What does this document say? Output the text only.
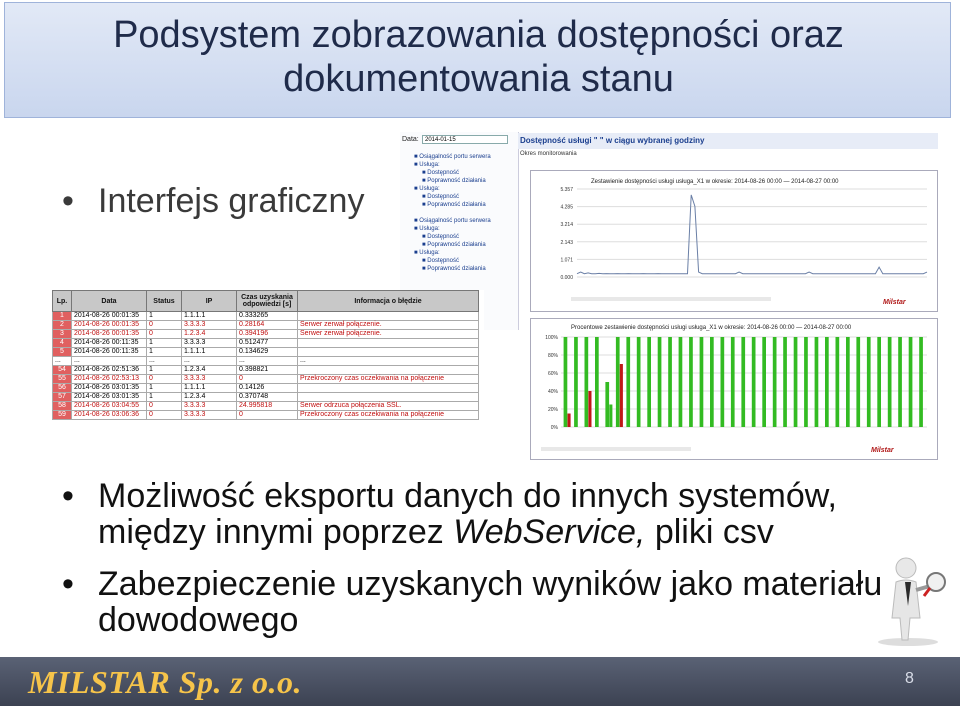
Podsystem zobrazowania dostępności oraz
dokumentowania stanu
• Interfejs graficzny
■ Osiągalność portu serwera
■ Usługa:
■ Dostępność
■ Poprawność działania
■ Usługa:
■ Dostępność
■ Poprawność działania
■ Osiągalność portu serwera
■ Usługa:
■ Dostępność
■ Poprawność działania
■ Usługa:
■ Dostępność
■ Poprawność działania
Data:	2014-01-15	Dostępność usługi " " w ciągu wybranej godziny
Okres monitorowania
Zestawienie dostępności usługi usługa_X1 w okresie: 2014-08-26 00:00 — 2014-08-27 00:00
5.357
4.285
3.214
2.143
1.071
0.000
Milstar
Procentowe zestawienie dostępności usługi usługa_X1 w okresie: 2014-08-26 00:00 — 2014-08-27 00:00
100%
80%
60%
40%
20%
0%
Milstar
Lp.	Data	Status	IP	Czas uzyskania odpowiedzi [s]	Informacja o błędzie
1	2014-08-26 00:01:35	1	1.1.1.1	0.333265	
2	2014-08-26 00:01:35	0	3.3.3.3	0.28164	Serwer zerwał połączenie.
3	2014-08-26 00:01:35	0	1.2.3.4	0.394196	Serwer zerwał połączenie.
4	2014-08-26 00:11:35	1	3.3.3.3	0.512477	
5	2014-08-26 00:11:35	1	1.1.1.1	0.134629	
...	...	...	...	...	...
54	2014-08-26 02:51:36	1	1.2.3.4	0.398821	
55	2014-08-26 02:53:13	0	3.3.3.3	0	Przekroczony czas oczekiwania na połączenie
56	2014-08-26 03:01:35	1	1.1.1.1	0.14126	
57	2014-08-26 03:01:35	1	1.2.3.4	0.370748	
58	2014-08-26 03:04:55	0	3.3.3.3	24.995818	Serwer odrzuca połączenia SSL.
59	2014-08-26 03:06:36	0	3.3.3.3	0	Przekroczony czas oczekiwania na połączenie
• Możliwość eksportu danych do innych systemów,
między innymi poprzez WebService, pliki csv
• Zabezpieczenie uzyskanych wyników jako materiału
dowodowego
MILSTAR Sp. z o.o.	8
